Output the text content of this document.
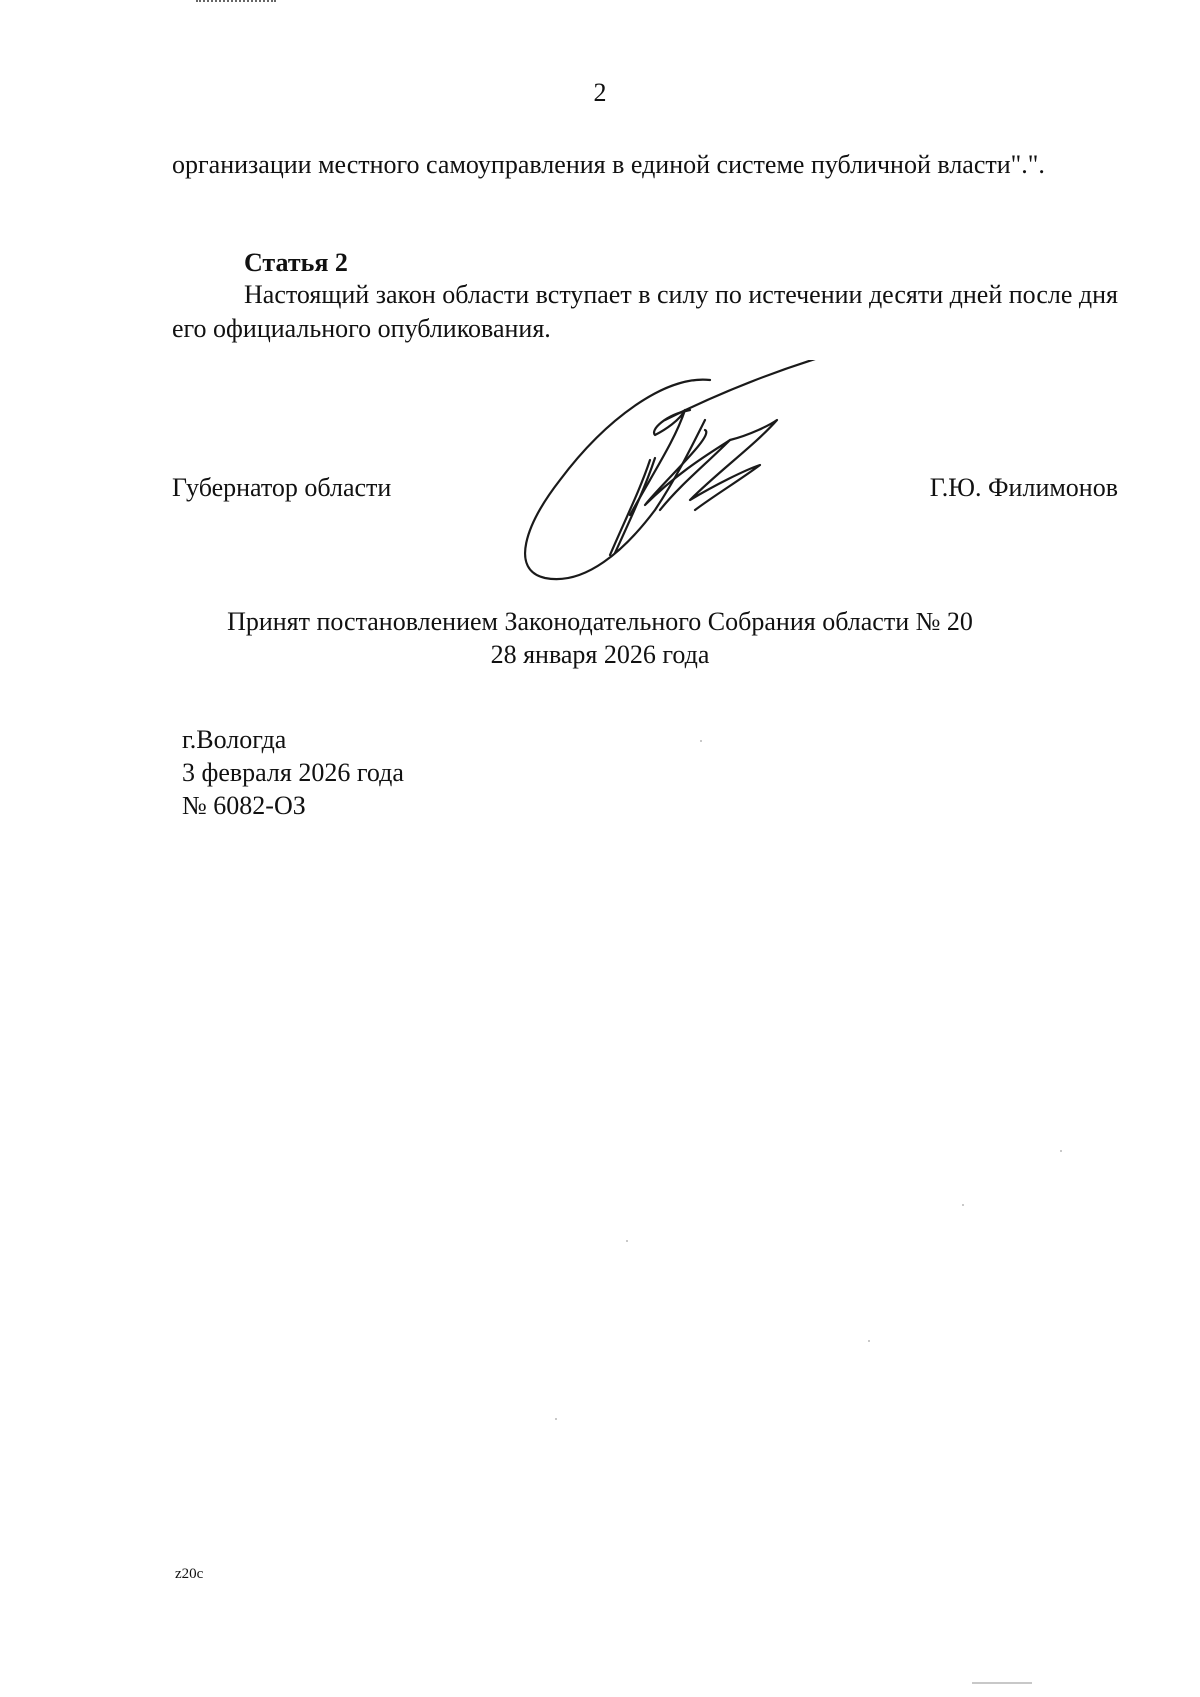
2
организации местного самоуправления в единой системе публичной власти".".
Статья 2
Настоящий закон области вступает в силу по истечении десяти дней после дня его официального опубликования.
Губернатор области	Г.Ю. Филимонов
Принят постановлением Законодательного Собрания области № 20
28 января 2026 года
г.Вологда
3 февраля 2026 года
№ 6082-ОЗ
z20c
